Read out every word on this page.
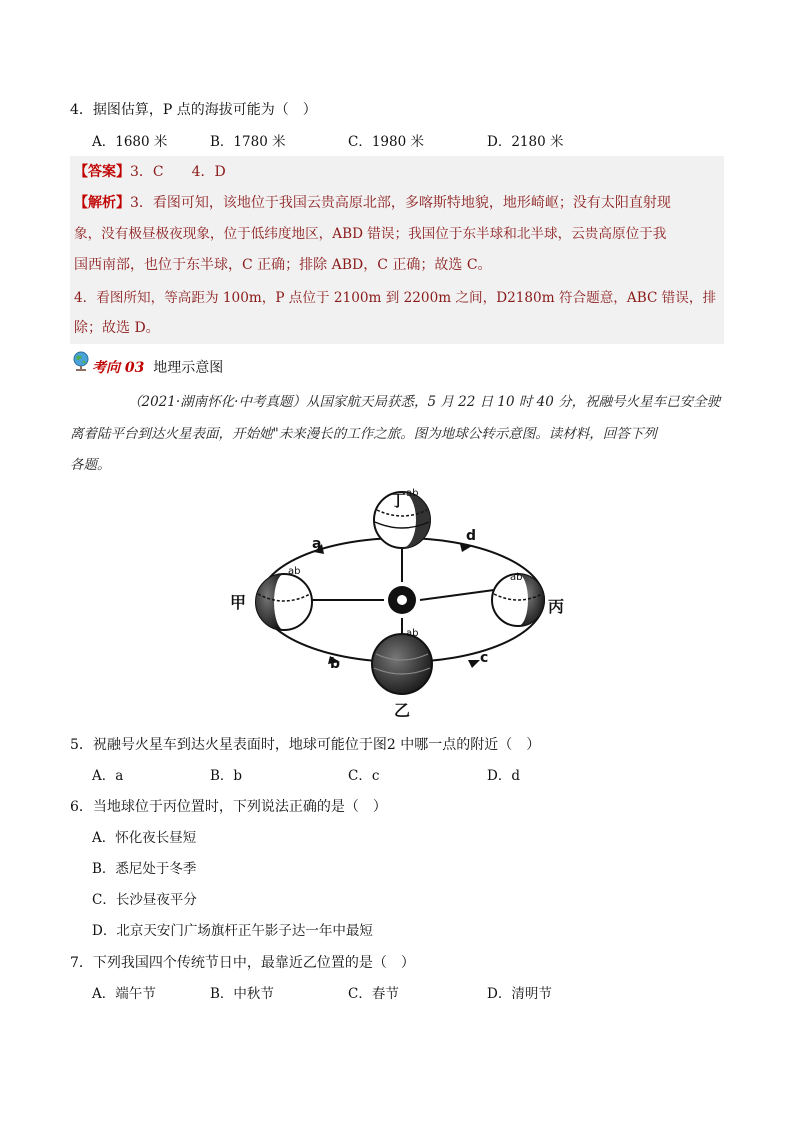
4．据图估算，P 点的海拔可能为（　）
A．1680 米	B．1780 米	C．1980 米	D．2180 米
【答案】3．C　　4．D
【解析】3．看图可知，该地位于我国云贵高原北部，多喀斯特地貌，地形崎岖；没有太阳直射现
象，没有极昼极夜现象，位于低纬度地区，ABD 错误；我国位于东半球和北半球，云贵高原位于我
国西南部，也位于东半球，C 正确；排除 ABD，C 正确；故选 C。
4．看图所知，等高距为 100m，P 点位于 2100m 到 2200m 之间，D2180m 符合题意，ABC 错误，排
除；故选 D。
考向 03 地理示意图
（2021·湖南怀化·中考真题）从国家航天局获悉，5 月 22 日 10 时 40 分，祝融号火星车已安全驶
离着陆平台到达火星表面，开始她"未来漫长的工作之旅。图为地球公转示意图。读材料，回答下列
各题。
ab
ab
ab
ab
丁
甲	丙
乙
a
b	c
d
5．祝融号火星车到达火星表面时，地球可能位于图2 中哪一点的附近（　）
A．a	B．b	C．c	D．d
6．当地球位于丙位置时，下列说法正确的是（　）
A．怀化夜长昼短
B．悉尼处于冬季
C．长沙昼夜平分
D．北京天安门广场旗杆正午影子达一年中最短
7．下列我国四个传统节日中，最靠近乙位置的是（　）
A．端午节	B．中秋节	C．春节	D．清明节
